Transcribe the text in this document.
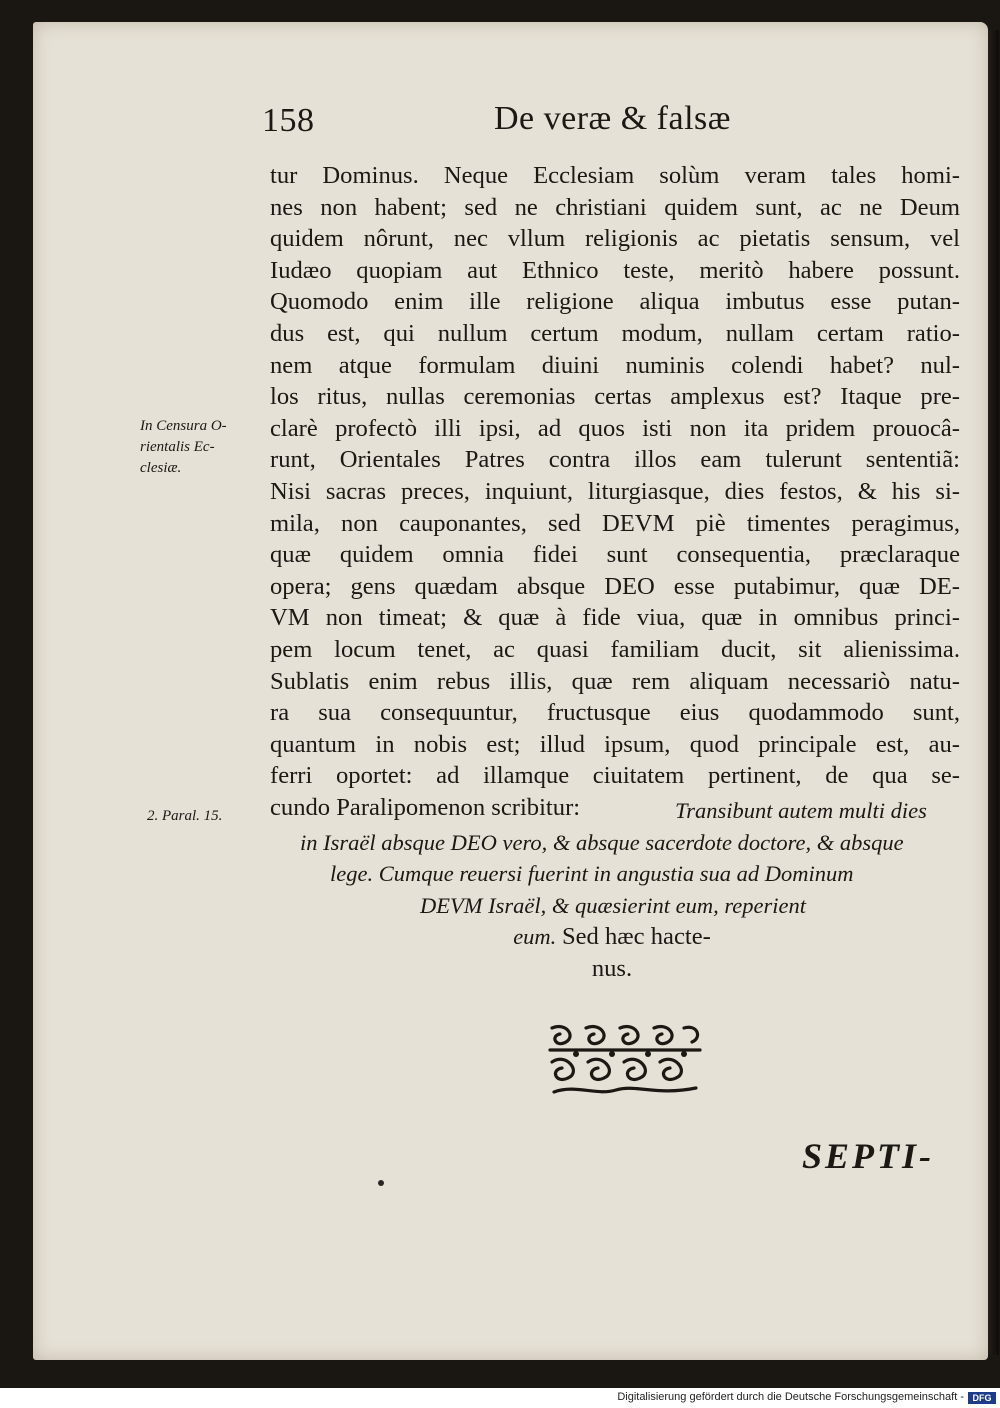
158	De veræ & falsæ
In Censura O-
rientalis Ec-
clesiæ.
2. Paral. 15.
tur Dominus. Neque Ecclesiam solùm veram tales homi-
nes non habent; sed ne christiani quidem sunt, ac ne Deum
quidem nôrunt, nec vllum religionis ac pietatis sensum, vel
Iudæo quopiam aut Ethnico teste, meritò habere possunt.
Quomodo enim ille religione aliqua imbutus esse putan-
dus est, qui nullum certum modum, nullam certam ratio-
nem atque formulam diuini numinis colendi habet? nul-
los ritus, nullas ceremonias certas amplexus est? Itaque pre-
clarè profectò illi ipsi, ad quos isti non ita pridem prouocâ-
runt, Orientales Patres contra illos eam tulerunt sententiã:
Nisi sacras preces, inquiunt, liturgiasque, dies festos, & his si-
mila, non cauponantes, sed DEVM piè timentes peragimus,
quæ quidem omnia fidei sunt consequentia, præclaraque
opera; gens quædam absque DEO esse putabimur, quæ DE-
VM non timeat; & quæ à fide viua, quæ in omnibus princi-
pem locum tenet, ac quasi familiam ducit, sit alienissima.
Sublatis enim rebus illis, quæ rem aliquam necessariò natu-
ra sua consequuntur, fructusque eius quodammodo sunt,
quantum in nobis est; illud ipsum, quod principale est, au-
ferri oportet: ad illamque ciuitatem pertinent, de qua se-
cundo Paralipomenon scribitur:	Transibunt autem multi dies
in Israël absque DEO vero, & absque sacerdote doctore, & absque
lege. Cumque reuersi fuerint in angustia sua ad Dominum
DEVM Israël, & quæsierint eum, reperient
eum. Sed hæc hacte-
nus.
SEPTI-
Digitalisierung gefördert durch die Deutsche Forschungsgemeinschaft - DFG
